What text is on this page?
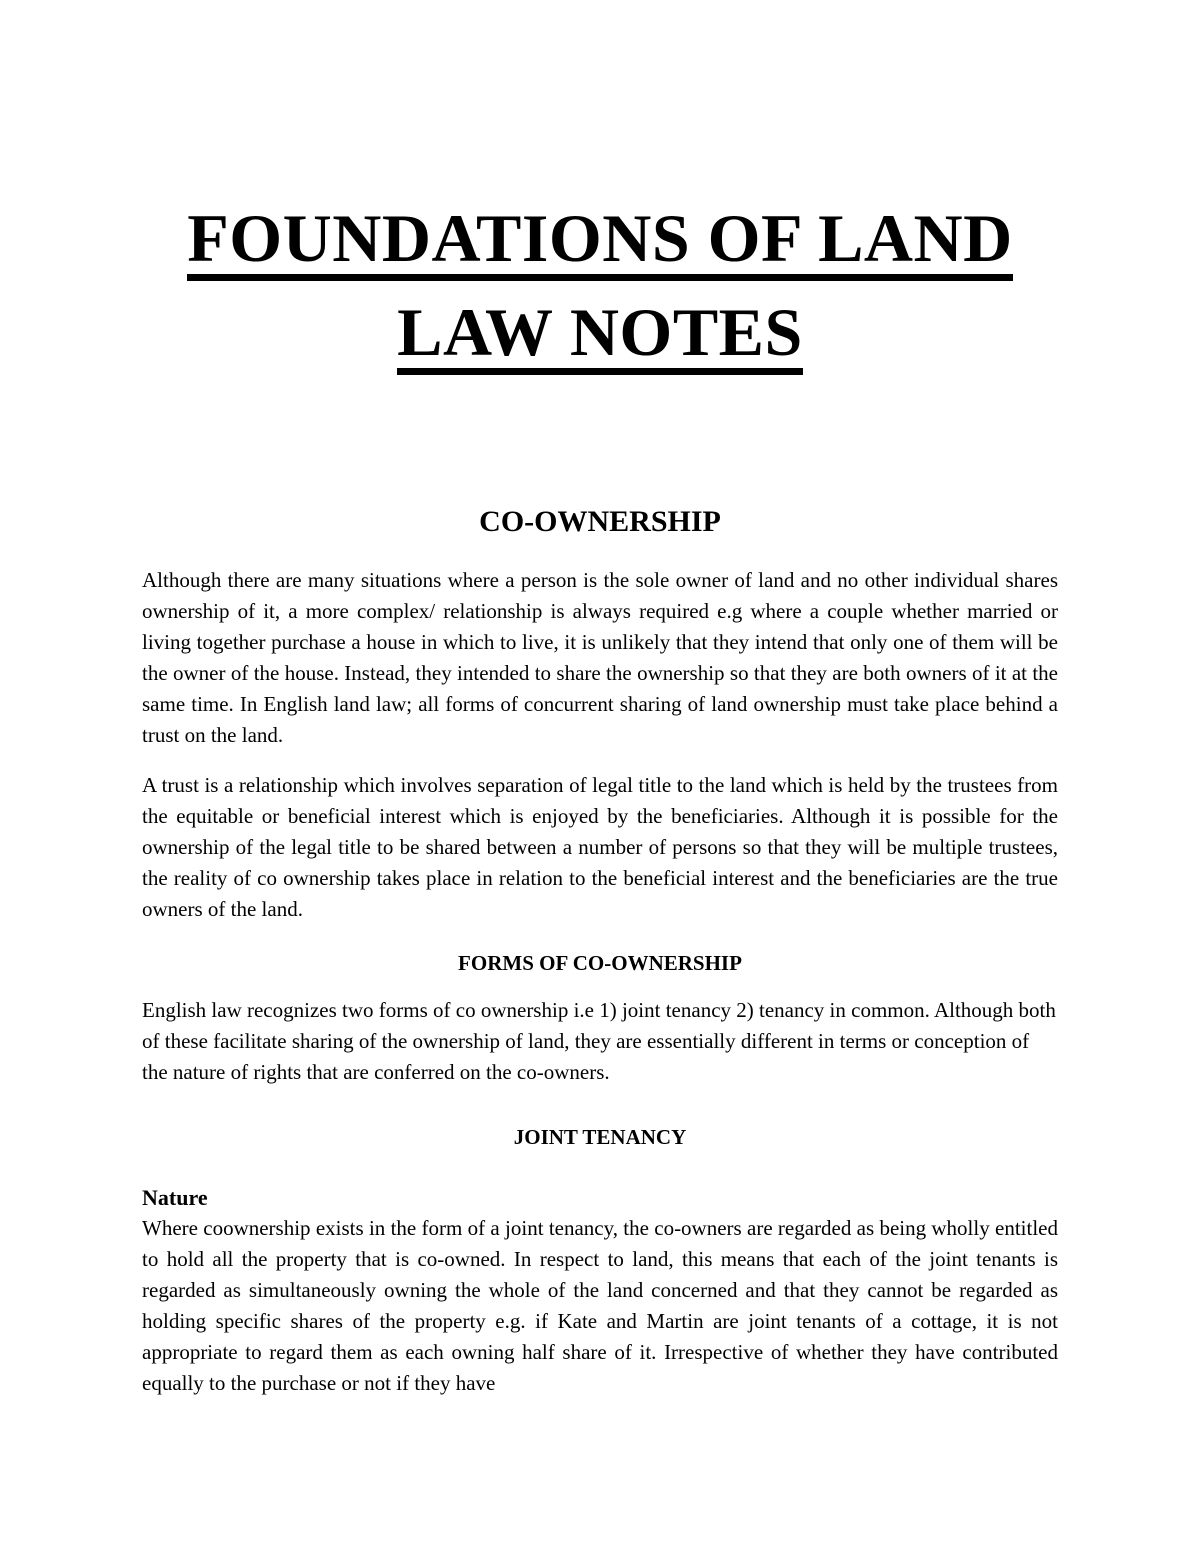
FOUNDATIONS OF LAND
LAW NOTES
CO-OWNERSHIP
Although there are many situations where a person is the sole owner of land and no other individual shares ownership of it, a more complex/ relationship is always required e.g where a couple whether married or living together purchase a house in which to live, it is unlikely that they intend that only one of them will be the owner of the house. Instead, they intended to share the ownership so that they are both owners of it at the same time. In English land law; all forms of concurrent sharing of land ownership must take place behind a trust on the land.
A trust is a relationship which involves separation of legal title to the land which is held by the trustees from the equitable or beneficial interest which is enjoyed by the beneficiaries. Although it is possible for the ownership of the legal title to be shared between a number of persons so that they will be multiple trustees, the reality of co ownership takes place in relation to the beneficial interest and the beneficiaries are the true owners of the land.
FORMS OF CO-OWNERSHIP
English law recognizes two forms of co ownership i.e 1) joint tenancy 2) tenancy in common. Although both of these facilitate sharing of the ownership of land, they are essentially different in terms or conception of the nature of rights that are conferred on the co-owners.
JOINT TENANCY
Nature
Where coownership exists in the form of a joint tenancy, the co-owners are regarded as being wholly entitled to hold all the property that is co-owned. In respect to land, this means that each of the joint tenants is regarded as simultaneously owning the whole of the land concerned and that they cannot be regarded as holding specific shares of the property e.g. if Kate and Martin are joint tenants of a cottage, it is not appropriate to regard them as each owning half share of it. Irrespective of whether they have contributed equally to the purchase or not if they have
